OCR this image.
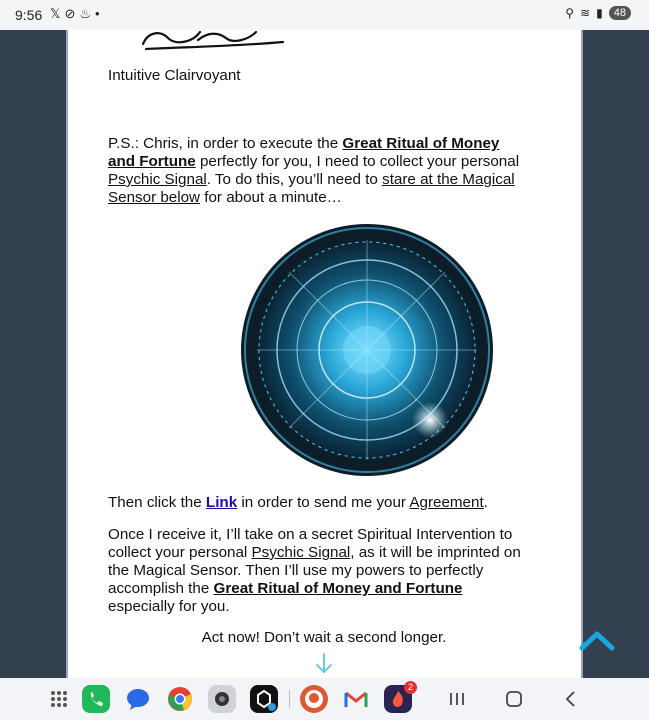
9:56 𝕏⊘♨•	⚲ ≋ ▮	48

Intuitive Clairvoyant

P.S.: Chris, in order to execute the Great Ritual of Money and Fortune perfectly for you, I need to collect your personal Psychic Signal. To do this, you’ll need to stare at the Magical Sensor below for about a minute…

Then click the Link in order to send me your Agreement.

Once I receive it, I’ll take on a secret Spiritual Intervention to collect your personal Psychic Signal, as it will be imprinted on the Magical Sensor. Then I’ll use my powers to perfectly accomplish the Great Ritual of Money and Fortune especially for you.

Act now! Don’t wait a second longer.

2
